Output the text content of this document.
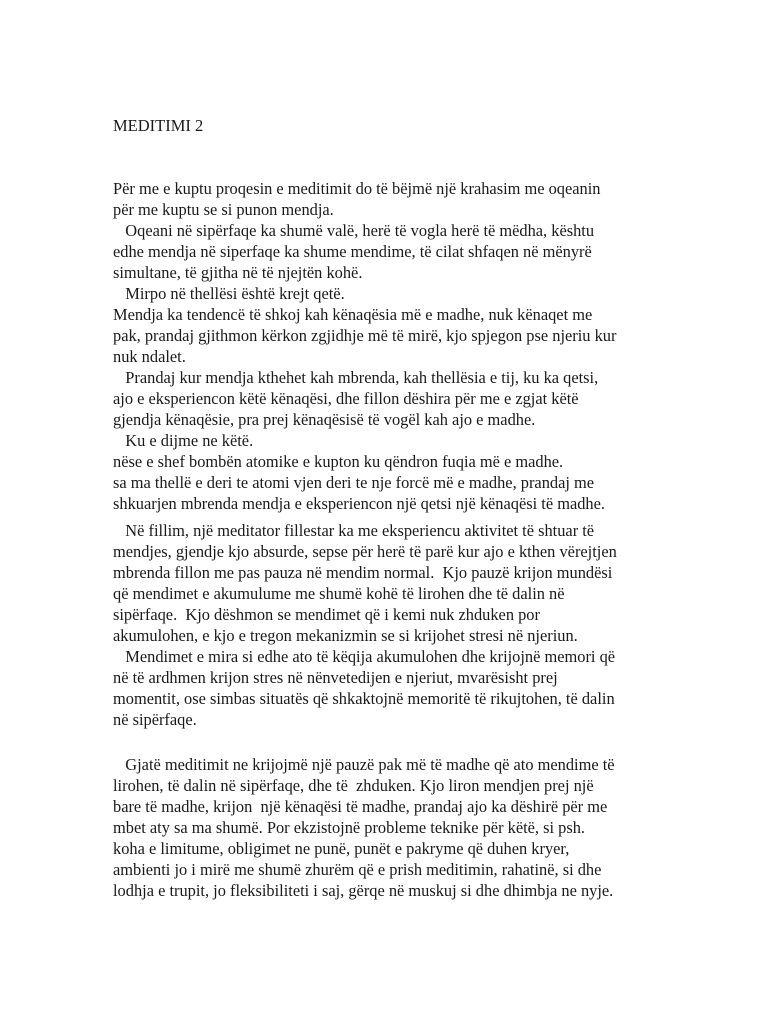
MEDITIMI 2

Për me e kuptu proqesin e meditimit do të bëjmë një krahasim me oqeanin

për me kuptu se si punon mendja.

Oqeani në sipërfaqe ka shumë valë, herë të vogla herë të mëdha, kështu

edhe mendja në siperfaqe ka shume mendime, të cilat shfaqen në mënyrë

simultane, të gjitha në të njejtën kohë.

Mirpo në thellësi është krejt qetë.

Mendja ka tendencë të shkoj kah kënaqësia më e madhe, nuk kënaqet me

pak, prandaj gjithmon kërkon zgjidhje më të mirë, kjo spjegon pse njeriu kur

nuk ndalet.

Prandaj kur mendja kthehet kah mbrenda, kah thellësia e tij, ku ka qetsi,

ajo e eksperiencon këtë kënaqësi, dhe fillon dëshira për me e zgjat këtë

gjendja kënaqësie, pra prej kënaqësisë të vogël kah ajo e madhe.

Ku e dijme ne këtë.

nëse e shef bombën atomike e kupton ku qëndron fuqia më e madhe.

sa ma thellë e deri te atomi vjen deri te nje forcë më e madhe, prandaj me

shkuarjen mbrenda mendja e eksperiencon një qetsi një kënaqësi të madhe.

Në fillim, një meditator fillestar ka me eksperiencu aktivitet të shtuar të

mendjes, gjendje kjo absurde, sepse për herë të parë kur ajo e kthen vërejtjen

mbrenda fillon me pas pauza në mendim normal.  Kjo pauzë krijon mundësi

që mendimet e akumulume me shumë kohë të lirohen dhe të dalin në

sipërfaqe.  Kjo dëshmon se mendimet që i kemi nuk zhduken por

akumulohen, e kjo e tregon mekanizmin se si krijohet stresi në njeriun.

Mendimet e mira si edhe ato të këqija akumulohen dhe krijojnë memori që

në të ardhmen krijon stres në nënvetedijen e njeriut, mvarësisht prej

momentit, ose simbas situatës që shkaktojnë memoritë të rikujtohen, të dalin

në sipërfaqe.

Gjatë meditimit ne krijojmë një pauzë pak më të madhe që ato mendime të

lirohen, të dalin në sipërfaqe, dhe të  zhduken. Kjo liron mendjen prej një

bare të madhe, krijon  një kënaqësi të madhe, prandaj ajo ka dëshirë për me

mbet aty sa ma shumë. Por ekzistojnë probleme teknike për këtë, si psh.

koha e limitume, obligimet ne punë, punët e pakryme që duhen kryer,

ambienti jo i mirë me shumë zhurëm që e prish meditimin, rahatinë, si dhe

lodhja e trupit, jo fleksibiliteti i saj, gërqe në muskuj si dhe dhimbja ne nyje.
